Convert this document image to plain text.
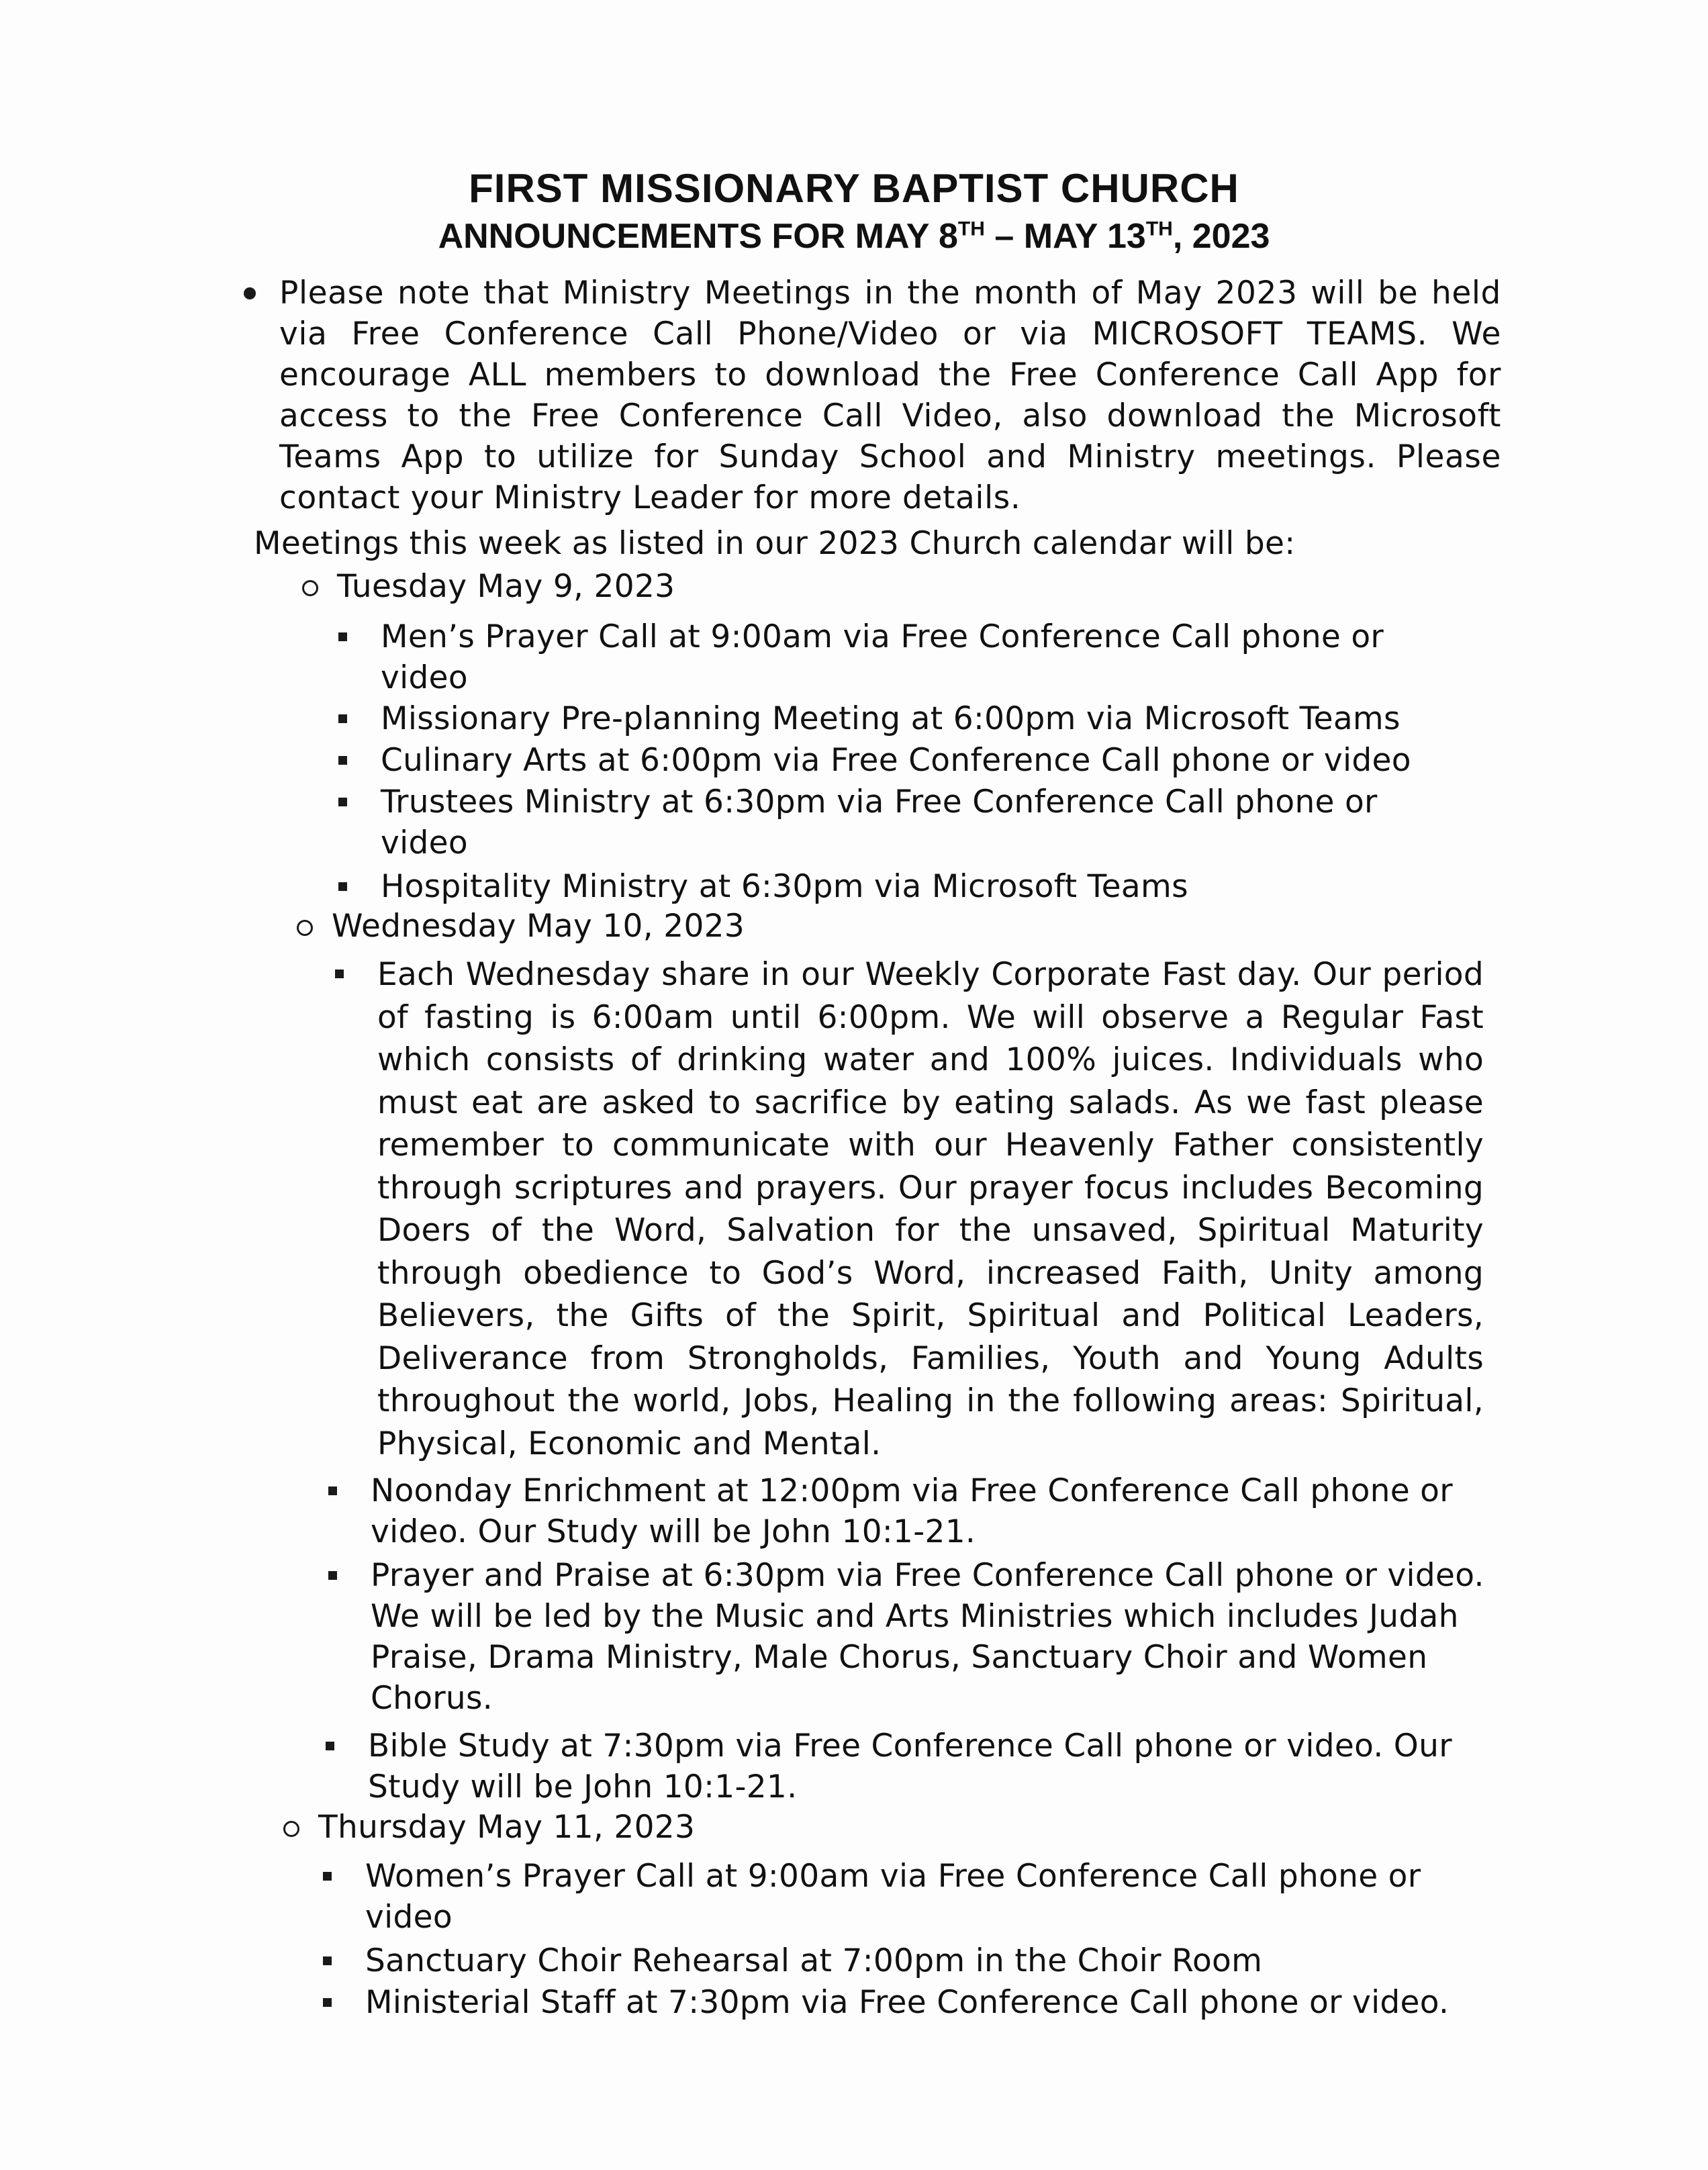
FIRST MISSIONARY BAPTIST CHURCH
ANNOUNCEMENTS FOR MAY 8TH – MAY 13TH, 2023
Please note that Ministry Meetings in the month of May 2023 will be held via Free Conference Call Phone/Video or via MICROSOFT TEAMS. We encourage ALL members to download the Free Conference Call App for access to the Free Conference Call Video, also download the Microsoft Teams App to utilize for Sunday School and Ministry meetings. Please contact your Ministry Leader for more details.

Meetings this week as listed in our 2023 Church calendar will be:

Tuesday May 9, 2023
Men’s Prayer Call at 9:00am via Free Conference Call phone or video
Missionary Pre-planning Meeting at 6:00pm via Microsoft Teams
Culinary Arts at 6:00pm via Free Conference Call phone or video
Trustees Ministry at 6:30pm via Free Conference Call phone or video
Hospitality Ministry at 6:30pm via Microsoft Teams
Wednesday May 10, 2023
Each Wednesday share in our Weekly Corporate Fast day. Our period of fasting is 6:00am until 6:00pm. We will observe a Regular Fast which consists of drinking water and 100% juices. Individuals who must eat are asked to sacrifice by eating salads. As we fast please remember to communicate with our Heavenly Father consistently through scriptures and prayers. Our prayer focus includes Becoming Doers of the Word, Salvation for the unsaved, Spiritual Maturity through obedience to God’s Word, increased Faith, Unity among Believers, the Gifts of the Spirit, Spiritual and Political Leaders, Deliverance from Strongholds, Families, Youth and Young Adults throughout the world, Jobs, Healing in the following areas: Spiritual, Physical, Economic and Mental.
Noonday Enrichment at 12:00pm via Free Conference Call phone or video. Our Study will be John 10:1-21.
Prayer and Praise at 6:30pm via Free Conference Call phone or video. We will be led by the Music and Arts Ministries which includes Judah Praise, Drama Ministry, Male Chorus, Sanctuary Choir and Women Chorus.
Bible Study at 7:30pm via Free Conference Call phone or video. Our Study will be John 10:1-21.
Thursday May 11, 2023
Women’s Prayer Call at 9:00am via Free Conference Call phone or video
Sanctuary Choir Rehearsal at 7:00pm in the Choir Room
Ministerial Staff at 7:30pm via Free Conference Call phone or video.
